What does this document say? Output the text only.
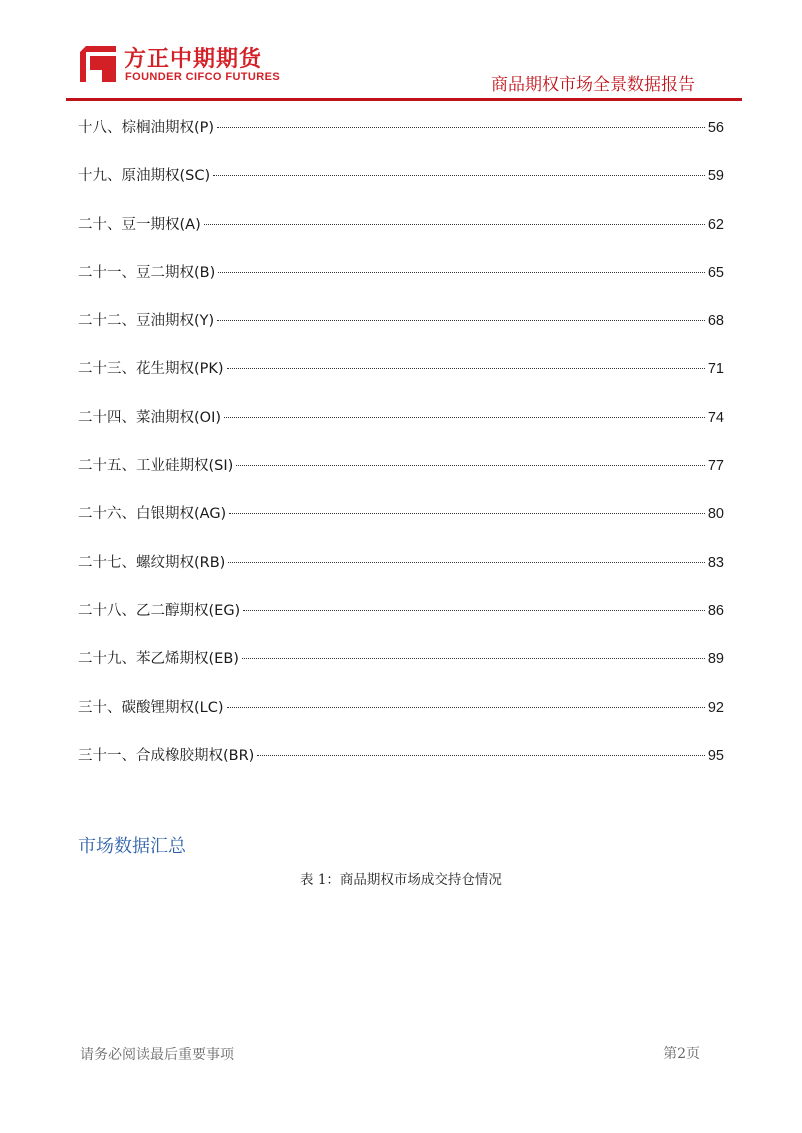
方正中期期货
FOUNDER CIFCO FUTURES	商品期权市场全景数据报告
十八、棕榈油期权(P)	56
十九、原油期权(SC)	59
二十、豆一期权(A)	62
二十一、豆二期权(B)	65
二十二、豆油期权(Y)	68
二十三、花生期权(PK)	71
二十四、菜油期权(OI)	74
二十五、工业硅期权(SI)	77
二十六、白银期权(AG)	80
二十七、螺纹期权(RB)	83
二十八、乙二醇期权(EG)	86
二十九、苯乙烯期权(EB)	89
三十、碳酸锂期权(LC)	92
三十一、合成橡胶期权(BR)	95
市场数据汇总
表 1：商品期权市场成交持仓情况
请务必阅读最后重要事项	第2页
